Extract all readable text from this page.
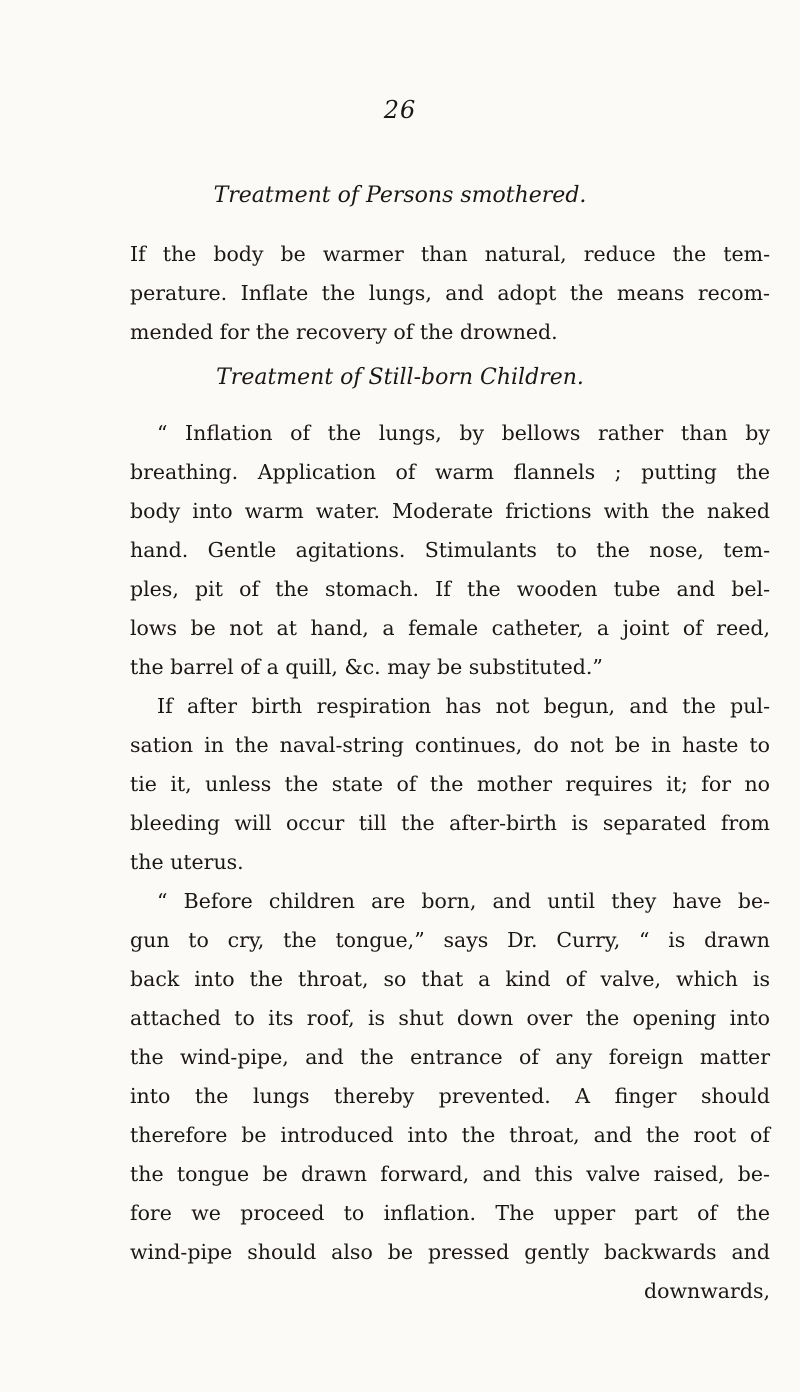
26
Treatment of Persons smothered.
If the body be warmer than natural, reduce the tem-
perature. Inflate the lungs, and adopt the means recom-
mended for the recovery of the drowned.
Treatment of Still-born Children.
“ Inflation of the lungs, by bellows rather than by
breathing. Application of warm flannels ; putting the
body into warm water. Moderate frictions with the naked
hand. Gentle agitations. Stimulants to the nose, tem-
ples, pit of the stomach. If the wooden tube and bel-
lows be not at hand, a female catheter, a joint of reed,
the barrel of a quill, &c. may be substituted.”
If after birth respiration has not begun, and the pul-
sation in the naval-string continues, do not be in haste to
tie it, unless the state of the mother requires it; for no
bleeding will occur till the after-birth is separated from
the uterus.
“ Before children are born, and until they have be-
gun to cry, the tongue,” says Dr. Curry, “ is drawn
back into the throat, so that a kind of valve, which is
attached to its roof, is shut down over the opening into
the wind-pipe, and the entrance of any foreign matter
into the lungs thereby prevented. A finger should
therefore be introduced into the throat, and the root of
the tongue be drawn forward, and this valve raised, be-
fore we proceed to inflation. The upper part of the
wind-pipe should also be pressed gently backwards and
downwards,
